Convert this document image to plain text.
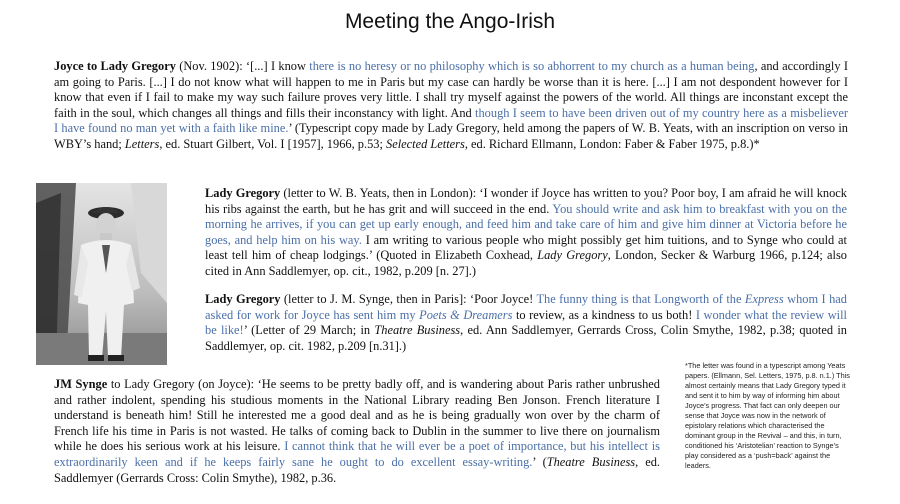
Meeting the Ango-Irish

Joyce to Lady Gregory (Nov. 1902): ‘[...] I know there is no heresy or no philosophy which is so abhorrent to my church as a human being, and accordingly I am going to Paris. [...] I do not know what will happen to me in Paris but my case can hardly be worse than it is here. [...] I am not despondent however for I know that even if I fail to make my way such failure proves very little. I shall try myself against the powers of the world. All things are inconstant except the faith in the soul, which changes all things and fills their inconstancy with light. And though I seem to have been driven out of my country here as a misbeliever I have found no man yet with a faith like mine.’ (Typescript copy made by Lady Gregory, held among the papers of W. B. Yeats, with an inscription on verso in WBY’s hand; Letters, ed. Stuart Gilbert, Vol. I [1957], 1966, p.53; Selected Letters, ed. Richard Ellmann, London: Faber & Faber 1975, p.8.)*

Lady Gregory (letter to W. B. Yeats, then in London): ‘I wonder if Joyce has written to you? Poor boy, I am afraid he will knock his ribs against the earth, but he has grit and will succeed in the end. You should write and ask him to breakfast with you on the morning he arrives, if you can get up early enough, and feed him and take care of him and give him dinner at Victoria before he goes, and help him on his way. I am writing to various people who might possibly get him tuitions, and to Synge who could at least tell him of cheap lodgings.’ (Quoted in Elizabeth Coxhead, Lady Gregory, London, Secker & Warburg 1966, p.124; also cited in Ann Saddlemyer, op. cit., 1982, p.209 [n. 27].)

Lady Gregory (letter to J. M. Synge, then in Paris]: ‘Poor Joyce! The funny thing is that Longworth of the Express whom I had asked for work for Joyce has sent him my Poets & Dreamers to review, as a kindness to us both! I wonder what the review will be like!’ (Letter of 29 March; in Theatre Business, ed. Ann Saddlemyer, Gerrards Cross, Colin Smythe, 1982, p.38; quoted in Saddlemyer, op. cit. 1982, p.209 [n.31].)

JM Synge to Lady Gregory (on Joyce): ‘He seems to be pretty badly off, and is wandering about Paris rather unbrushed and rather indolent, spending his studious moments in the National Library reading Ben Jonson. French literature I understand is beneath him! Still he interested me a good deal and as he is being gradually won over by the charm of French life his time in Paris is not wasted. He talks of coming back to Dublin in the summer to live there on journalism while he does his serious work at his leisure. I cannot think that he will ever be a poet of importance, but his intellect is extraordinarily keen and if he keeps fairly sane he ought to do excellent essay-writing.’ (Theatre Business, ed. Saddlemyer (Gerrards Cross: Colin Smythe), 1982, p.36.

*The letter was found in a typescript among Yeats papers. (Ellmann, Sel. Letters, 1975, p.8. n.1.) This almost certainly means that Lady Gregory typed it and sent it to him by way of informing him about Joyce’s progress. That fact can only deepen our sense that Joyce was now in the network of epistolary relations which characterised the dominant group in the Revival – and this, in turn, conditioned his ‘Aristotelian’ reaction to Synge’s play considered as a ‘push=back’ against the leaders.
